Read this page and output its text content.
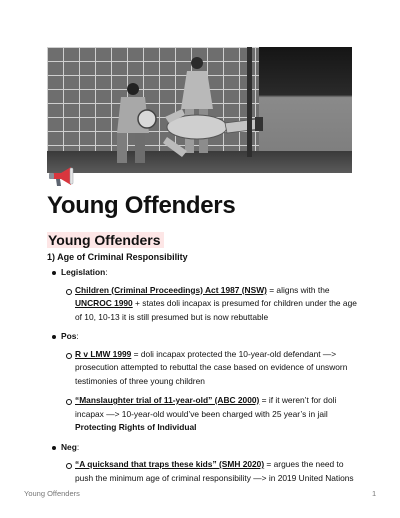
Young Offenders
Young Offenders
1) Age of Criminal Responsibility
Legislation:
Children (Criminal Proceedings) Act 1987 (NSW) = aligns with the UNCROC 1990 + states doli incapax is presumed for children under the age of 10, 10-13 it is still presumed but is now rebuttable
Pos:
R v LMW 1999 = doli incapax protected the 10-year-old defendant —> prosecution attempted to rebuttal the case based on evidence of unsworn testimonies of three young children
“Manslaughter trial of 11-year-old” (ABC 2000) = if it weren’t for doli incapax —> 10-year-old would’ve been charged with 25 year’s in jail Protecting Rights of Individual
Neg:
“A quicksand that traps these kids” (SMH 2020) = argues the need to push the minimum age of criminal responsibility —> in 2019 United Nations
Young Offenders	1
